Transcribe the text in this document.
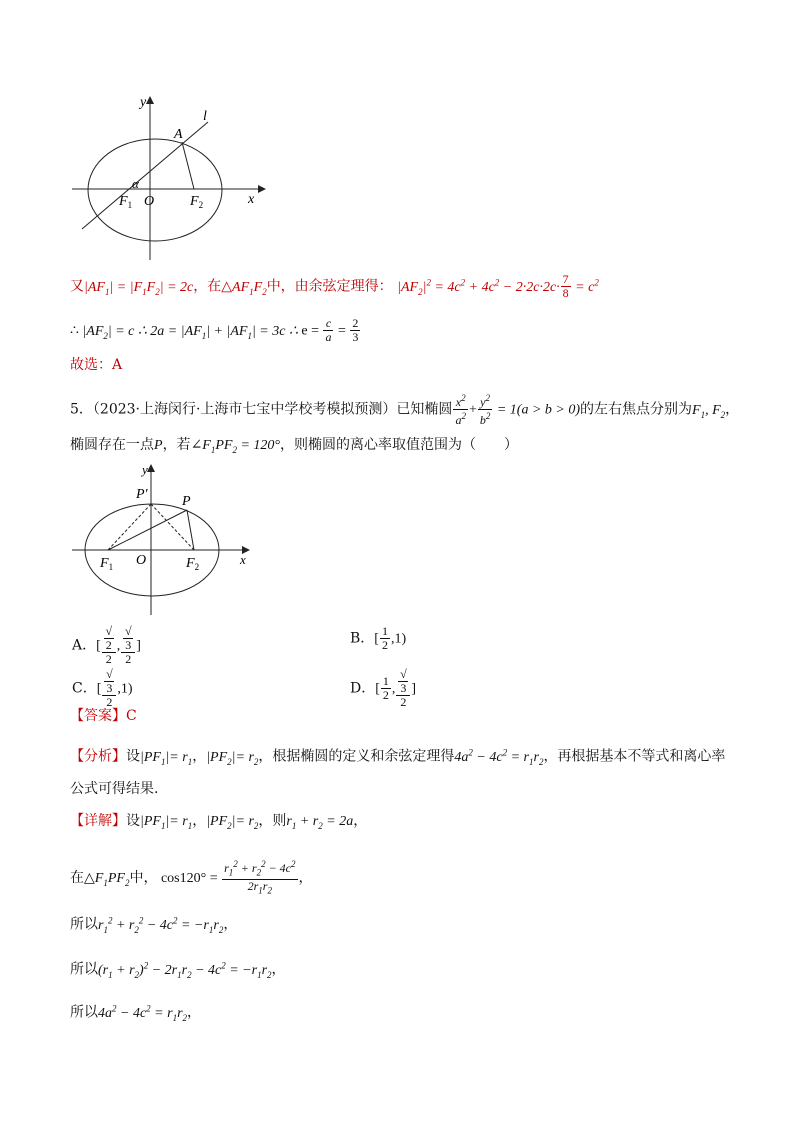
y
x
l
A
α
$F_1$ O	$F_2$
又$|AF_1| = |F_1F_2| = 2c$，在$\triangle AF_1F_2$中，由余弦定理得： $|AF_2|^2 = 4c^2 + 4c^2 - 2\cdot 2c\cdot 2c\cdot \frac{7}{8} = c^2$
∴ $|AF_2| = c$ ∴ $2a = |AF_1| + |AF_1| = 3c$ ∴ $e = \frac{c}{a} = \frac{2}{3}$
故选：A
5．（2023·上海闵行·上海市七宝中学校考模拟预测）已知椭圆 $\frac{x^2}{a^2} + \frac{y^2}{b^2} = 1(a > b > 0)$的左右焦点分别为$F_1$, $F_2$，
椭圆存在一点P，若$\angle F_1PF_2 = 120^\circ$，则椭圆的离心率取值范围为（　　）
y
x
P′ P
$F_1$ O	$F_2$
A．[ √
2
2 , √
3
2 ]	B．[ $\frac{1}{2} ,1$)
C．[ √
3
2 ,1)	D．[ $\frac{1}{2}$ , √
3
2 ]
【答案】C
【分析】设$|PF_1|= r_1$，$|PF_2|= r_2$，根据椭圆的定义和余弦定理得$4a^2 - 4c^2 = r_1r_2$，再根据基本不等式和离心率
公式可得结果.
【详解】设$|PF_1|= r_1$，$|PF_2|= r_2$，则$r_1 + r_2 = 2a$，
在$\triangle F_1PF_2$中， $\cos 120^\circ = \frac{r_1^2 + r_2^2 - 4c^2}{2r_1r_2}$ ，
所以$r_1^2 + r_2^2 - 4c^2 = -r_1r_2$，
所以$(r_1 + r_2)^2 - 2r_1r_2 - 4c^2 = -r_1r_2$，
所以$4a^2 - 4c^2 = r_1r_2$，
